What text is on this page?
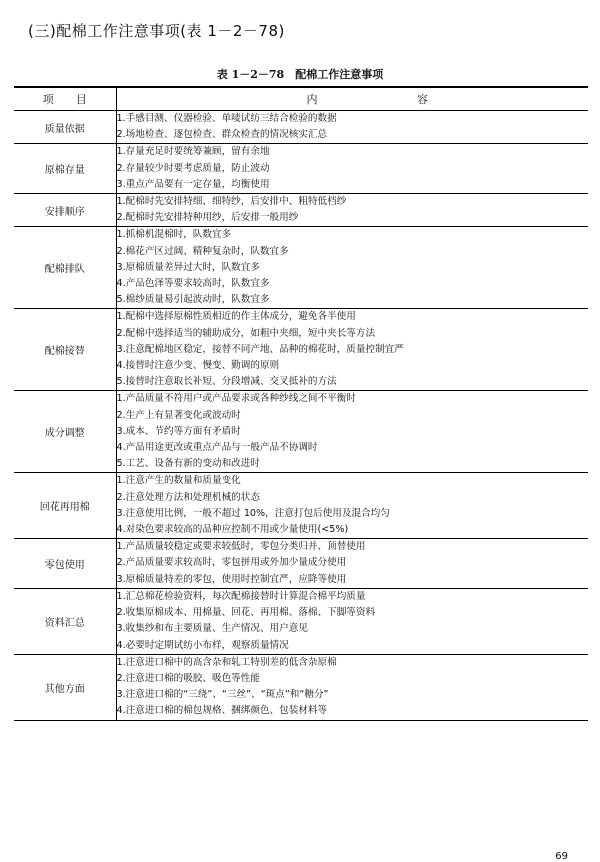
(三)配棉工作注意事项(表 1－2－78)
表 1－2－78　配棉工作注意事项
项　　目	内 容

质量依据	1.手感目测、仪器检验、单唛试纺三结合检验的数据
2.场地检查、逐包检查、群众检查的情况核实汇总

原棉存量	1.存量充足时要统筹兼顾，留有余地
2.存量较少时要考虑质量，防止波动
3.重点产品要有一定存量，均衡使用

安排顺序	1.配棉时先安排特细、细特纱，后安排中、粗特低档纱
2.配棉时先安排特种用纱，后安排一般用纱

配棉排队	1.抓棉机混棉时，队数宜多
2.棉花产区过阔、精种复杂时，队数宜多
3.原棉质量差异过大时，队数宜多
4.产品色泽等要求较高时，队数宜多
5.棉纱质量易引起波动时，队数宜多

配棉接替	1.配棉中选择原棉性质相近的作主体成分，避免各半使用
2.配棉中选择适当的辅助成分，如粗中夹细，短中夹长等方法
3.注意配棉地区稳定，接替不同产地、品种的棉花时，质量控制宜严
4.接替时注意少变、慢变、勤调的原则
5.接替时注意取长补短、分段增减、交叉抵补的方法

成分调整	1.产品质量不符用户或产品要求或各种纱线之间不平衡时
2.生产上有显著变化或波动时
3.成本、节约等方面有矛盾时
4.产品用途更改或重点产品与一般产品不协调时
5.工艺、设备有新的变动和改进时

回花再用棉	1.注意产生的数量和质量变化
2.注意处理方法和处理机械的状态
3.注意使用比例，一般不超过 10%，注意打包后使用及混合均匀
4.对染色要求较高的品种应控制不用或少量使用(<5%)

零包使用	1.产品质量较稳定或要求较低时，零包分类归并、顶替使用
2.产品质量要求较高时，零包拼用或外加少量成分使用
3.原棉质量特差的零包，使用时控制宜严，应降等使用

资料汇总	1.汇总棉花检验资料，每次配棉接替时计算混合棉平均质量
2.收集原棉成本、用棉量、回花、再用棉、落棉、下脚等资料
3.收集纱和布主要质量、生产情况、用户意见
4.必要时定期试纺小布样，观察质量情况

其他方面	1.注意进口棉中的高含杂和轧工特别差的低含杂原棉
2.注意进口棉的吸胶、吸色等性能
3.注意进口棉的“三绕”、“三丝”、“斑点”和“糖分”
4.注意进口棉的棉包规格、捆绑颜色、包装材料等
69
